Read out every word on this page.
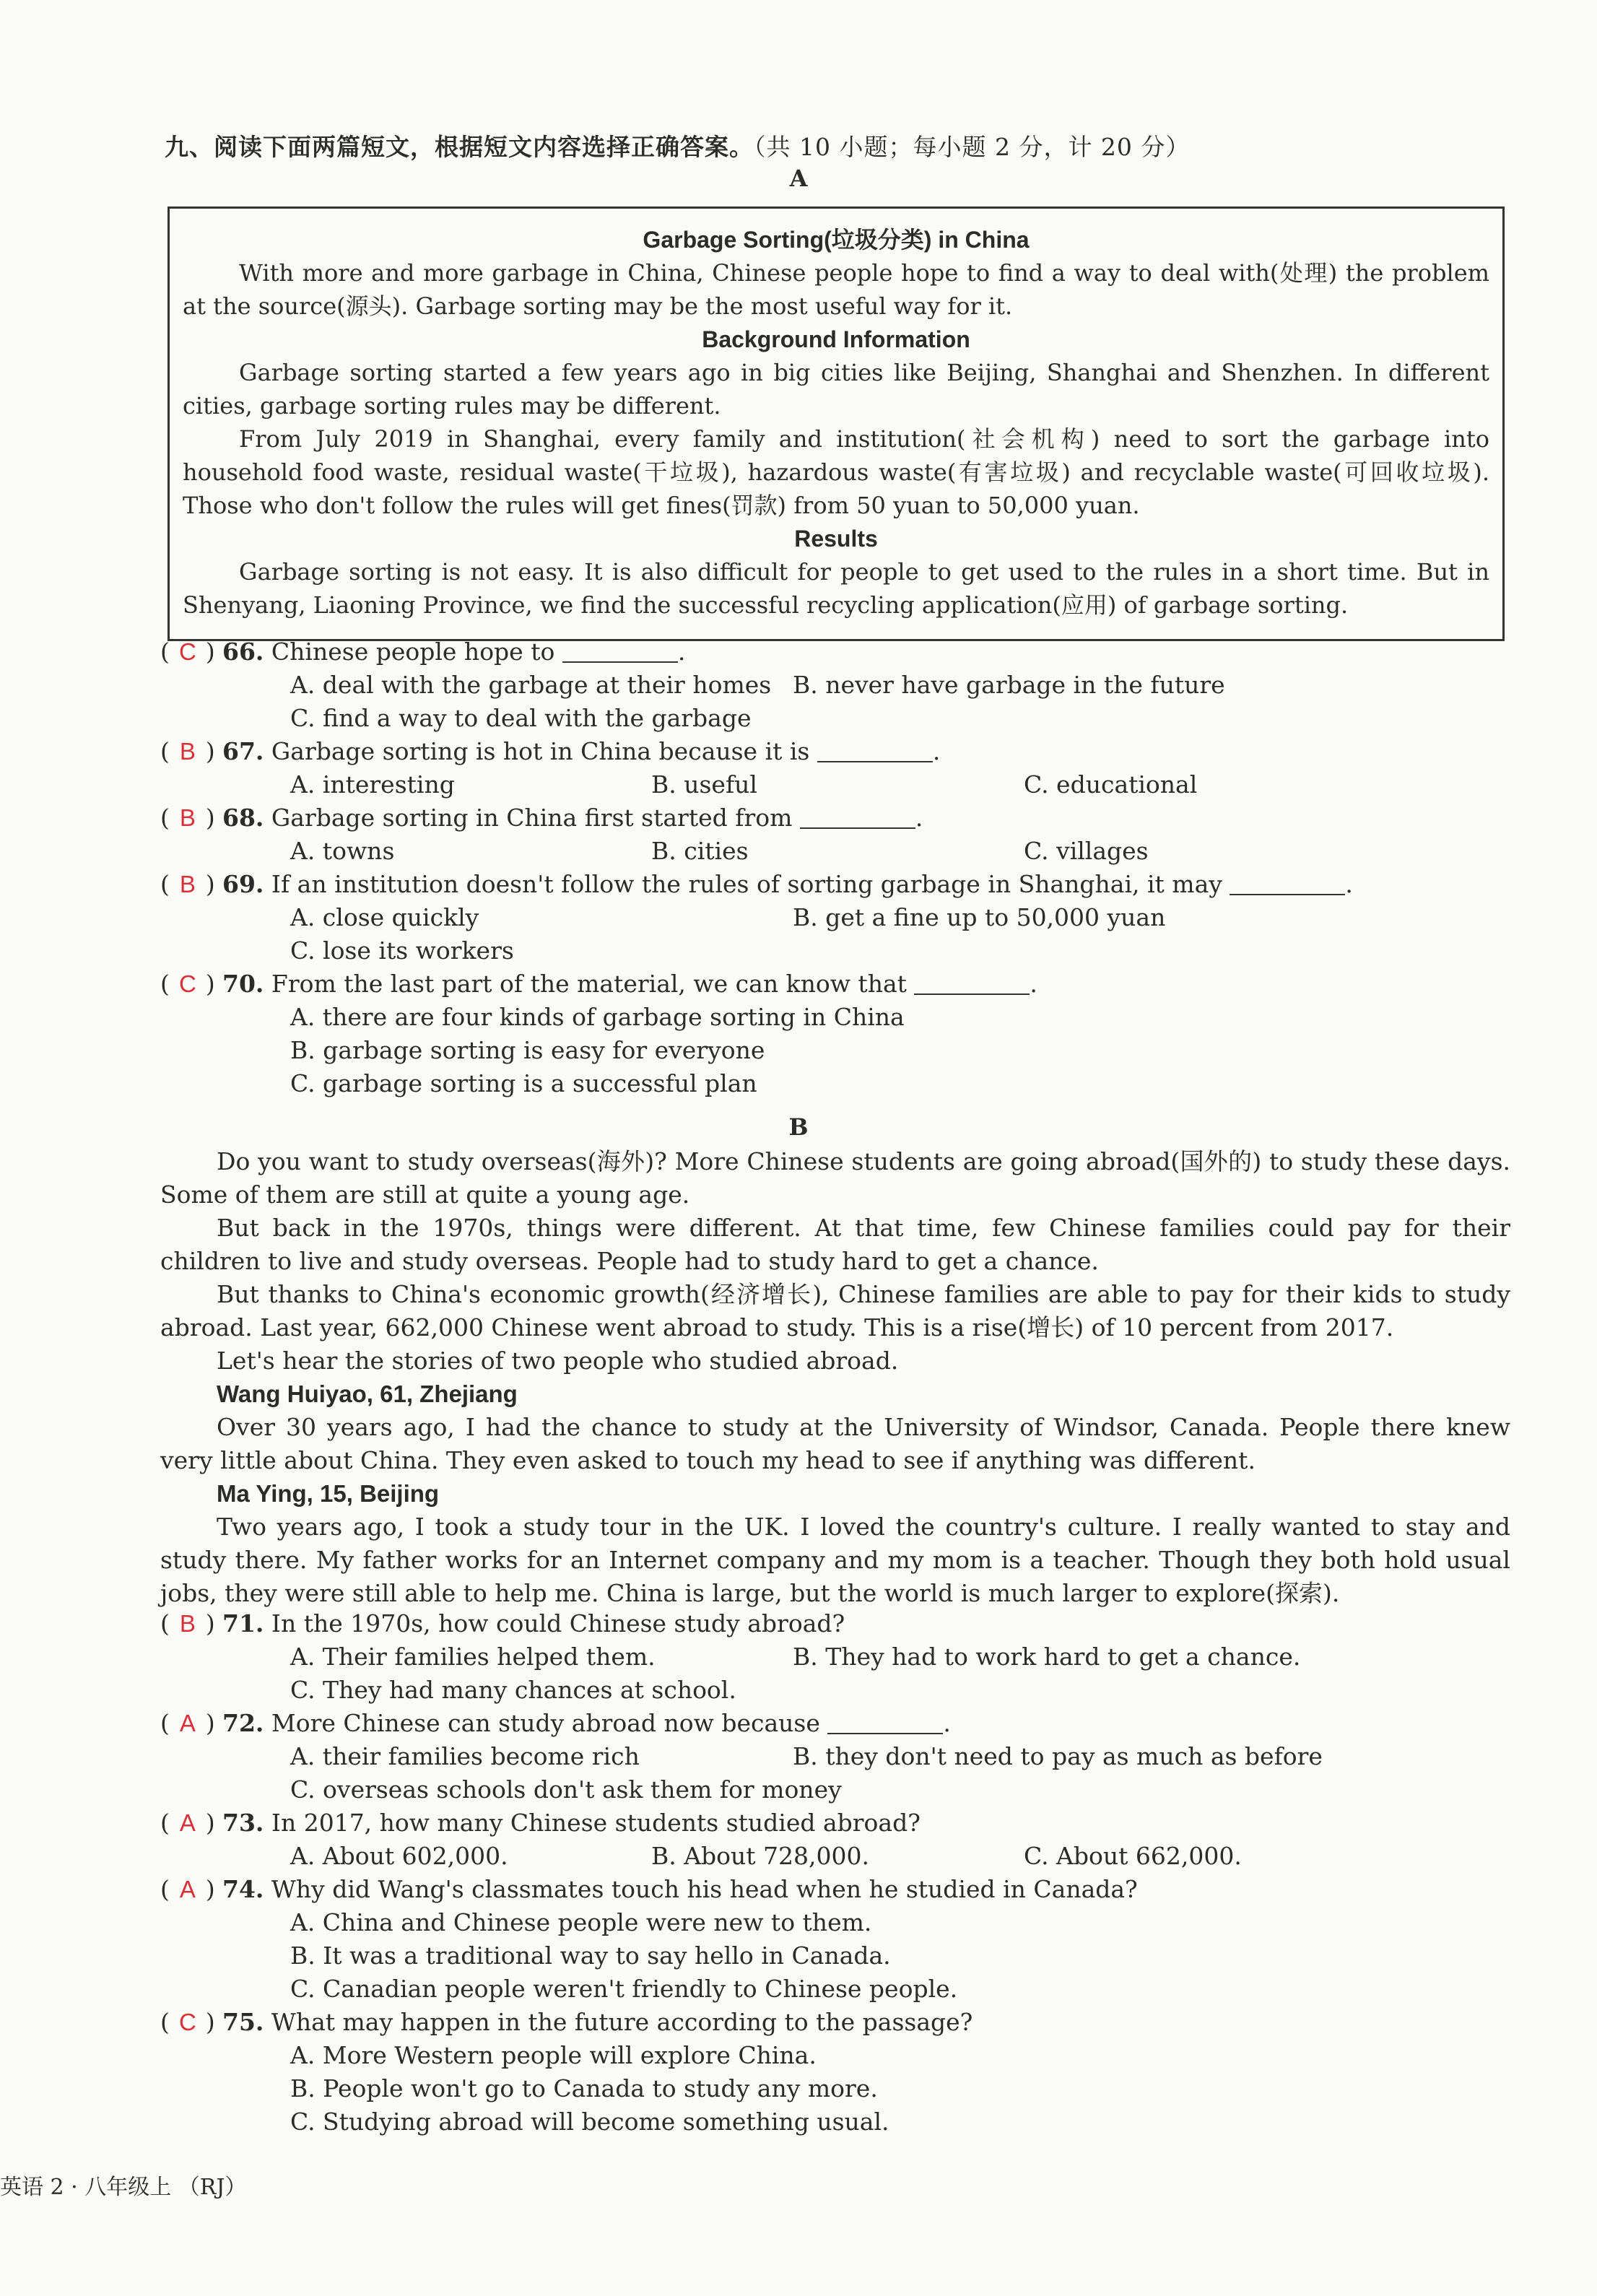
九、阅读下面两篇短文，根据短文内容选择正确答案。（共 10 小题；每小题 2 分，计 20 分）
A
Garbage Sorting(垃圾分类) in China

With more and more garbage in China, Chinese people hope to find a way to deal with(处理) the problem at the source(源头). Garbage sorting may be the most useful way for it.

Background Information

Garbage sorting started a few years ago in big cities like Beijing, Shanghai and Shenzhen. In different cities, garbage sorting rules may be different.

From July 2019 in Shanghai, every family and institution(社会机构) need to sort the garbage into household food waste, residual waste(干垃圾), hazardous waste(有害垃圾) and recyclable waste(可回收垃圾). Those who don't follow the rules will get fines(罚款) from 50 yuan to 50,000 yuan.

Results

Garbage sorting is not easy. It is also difficult for people to get used to the rules in a short time. But in Shenyang, Liaoning Province, we find the successful recycling application(应用) of garbage sorting.

( C ) 66. Chinese people hope to	.
A. deal with the garbage at their homes B. never have garbage in the future
C. find a way to deal with the garbage
( B ) 67. Garbage sorting is hot in China because it is	.
A. interesting	B. useful	C. educational
( B ) 68. Garbage sorting in China first started from	.
A. towns	B. cities	C. villages
( B ) 69. If an institution doesn't follow the rules of sorting garbage in Shanghai, it may	.
A. close quickly	B. get a fine up to 50,000 yuan
C. lose its workers
( C ) 70. From the last part of the material, we can know that	.
A. there are four kinds of garbage sorting in China
B. garbage sorting is easy for everyone
C. garbage sorting is a successful plan
B

Do you want to study overseas(海外)? More Chinese students are going abroad(国外的) to study these days. Some of them are still at quite a young age.

But back in the 1970s, things were different. At that time, few Chinese families could pay for their children to live and study overseas. People had to study hard to get a chance.

But thanks to China's economic growth(经济增长), Chinese families are able to pay for their kids to study abroad. Last year, 662,000 Chinese went abroad to study. This is a rise(增长) of 10 percent from 2017.

Let's hear the stories of two people who studied abroad.

Wang Huiyao, 61, Zhejiang

Over 30 years ago, I had the chance to study at the University of Windsor, Canada. People there knew very little about China. They even asked to touch my head to see if anything was different.

Ma Ying, 15, Beijing

Two years ago, I took a study tour in the UK. I loved the country's culture. I really wanted to stay and study there. My father works for an Internet company and my mom is a teacher. Though they both hold usual jobs, they were still able to help me. China is large, but the world is much larger to explore(探索).

( B ) 71. In the 1970s, how could Chinese study abroad?
A. Their families helped them.	B. They had to work hard to get a chance.
C. They had many chances at school.
( A ) 72. More Chinese can study abroad now because	.
A. their families become rich	B. they don't need to pay as much as before
C. overseas schools don't ask them for money
( A ) 73. In 2017, how many Chinese students studied abroad?
A. About 602,000.	B. About 728,000.	C. About 662,000.
( A ) 74. Why did Wang's classmates touch his head when he studied in Canada?
A. China and Chinese people were new to them.
B. It was a traditional way to say hello in Canada.
C. Canadian people weren't friendly to Chinese people.
( C ) 75. What may happen in the future according to the passage?
A. More Western people will explore China.
B. People won't go to Canada to study any more.
C. Studying abroad will become something usual.
英语 2 · 八年级上 （RJ）
